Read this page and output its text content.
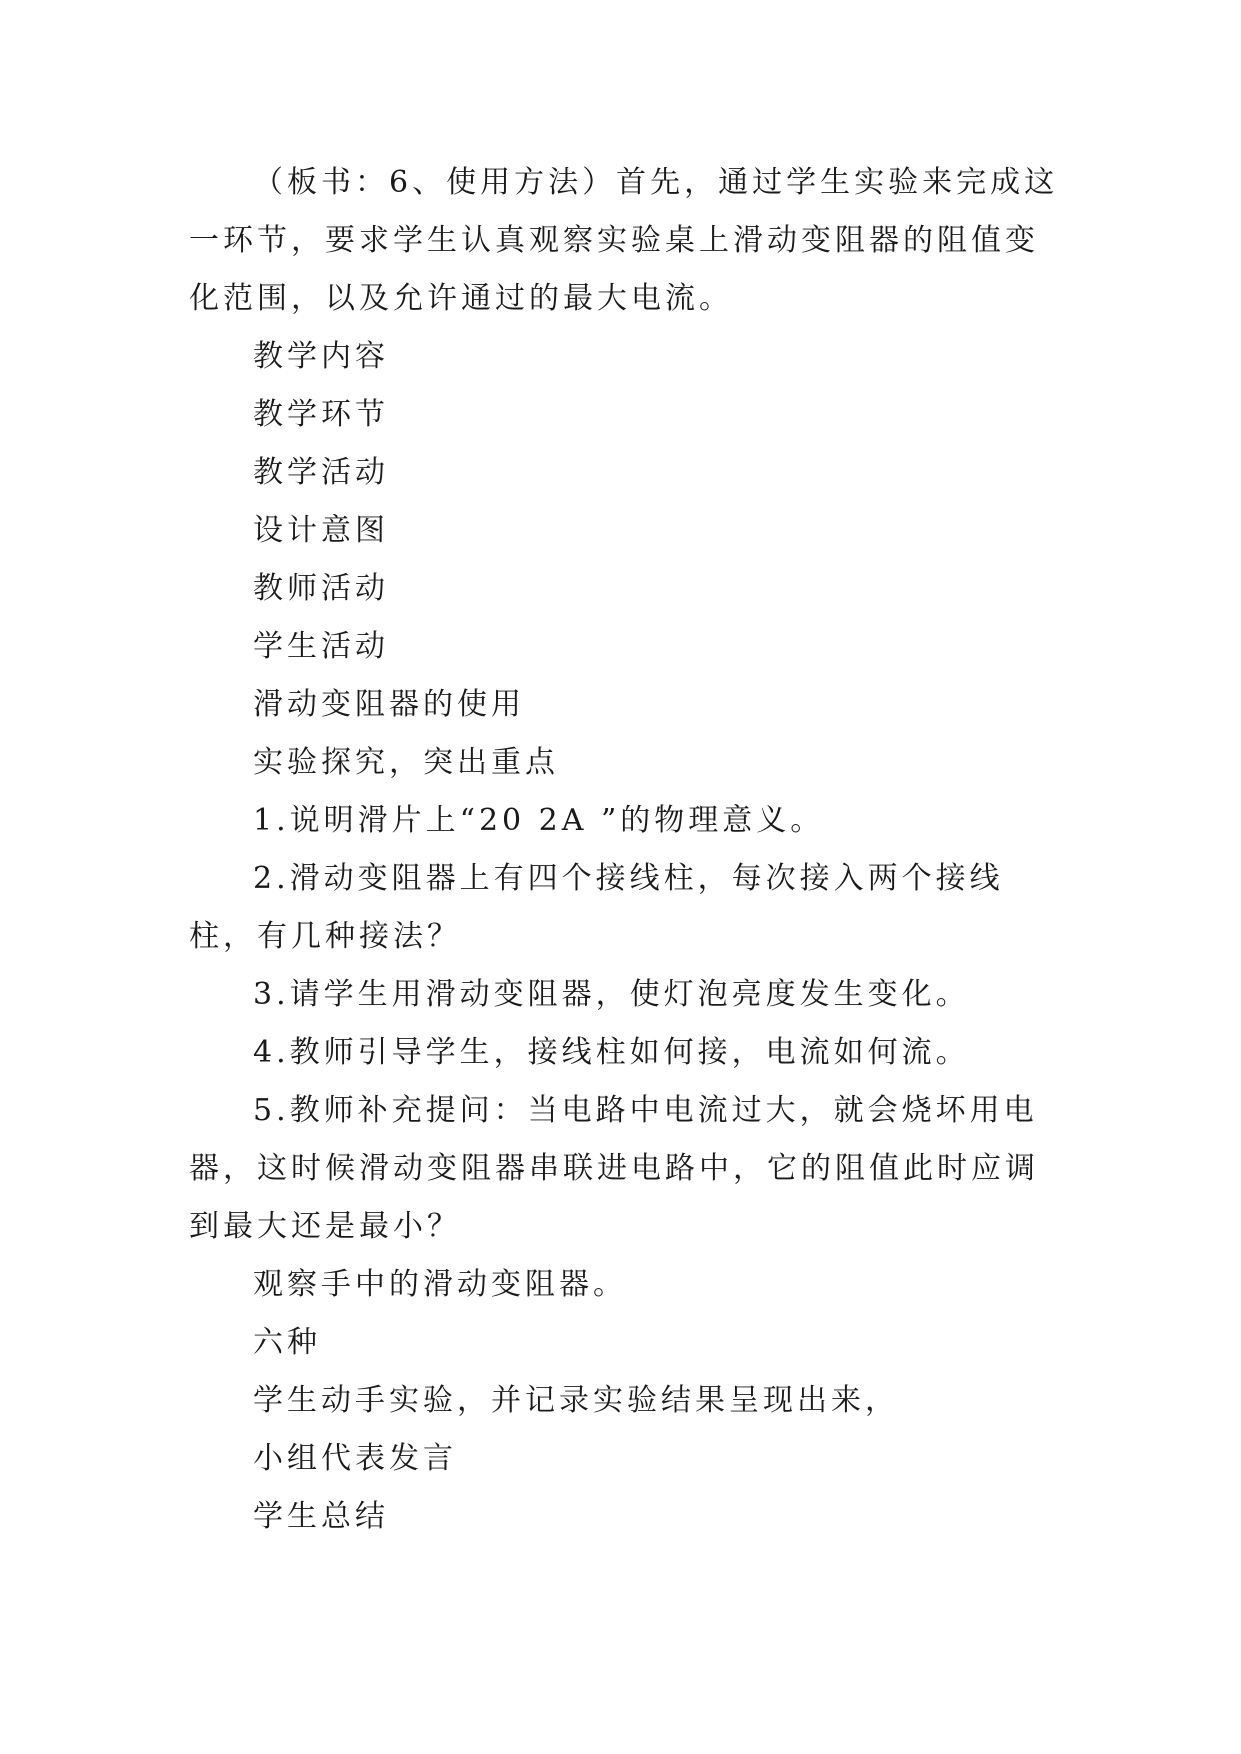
（板书：6、使用方法）首先，通过学生实验来完成这一环节，要求学生认真观察实验桌上滑动变阻器的阻值变化范围，以及允许通过的最大电流。

教学内容

教学环节

教学活动

设计意图

教师活动

学生活动

滑动变阻器的使用

实验探究，突出重点

1.说明滑片上“20 2A ”的物理意义。

2.滑动变阻器上有四个接线柱，每次接入两个接线柱，有几种接法？

3.请学生用滑动变阻器，使灯泡亮度发生变化。

4.教师引导学生，接线柱如何接，电流如何流。

5.教师补充提问：当电路中电流过大，就会烧坏用电器，这时候滑动变阻器串联进电路中，它的阻值此时应调到最大还是最小？

观察手中的滑动变阻器。

六种

学生动手实验，并记录实验结果呈现出来，

小组代表发言

学生总结
